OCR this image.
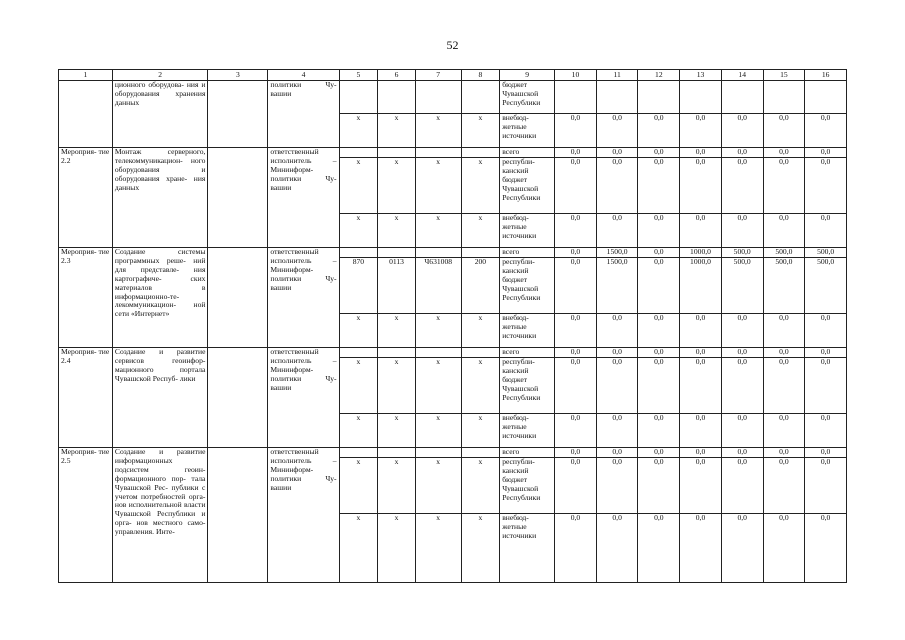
52
1	2	3	4	5	6	7	8	9	10	11	12	13	14	15	16
	ционного оборудова- ния и оборудования хранения данных		политики Чу- вашии					бюджет Чувашской Республики							
				x	x	x	x	внебюд- жетные источники	0,0	0,0	0,0	0,0	0,0	0,0	0,0
Мероприя- тие 2.2	Монтаж серверного, телекоммуникацион- ного оборудования и оборудования хране- ния данных		ответственный исполнитель – Мининформ- политики Чу- вашии					всего	0,0	0,0	0,0	0,0	0,0	0,0	0,0
				x	x	x	x	республи- канский бюджет Чувашской Республики	0,0	0,0	0,0	0,0	0,0	0,0	0,0
				x	x	x	x	внебюд- жетные источники	0,0	0,0	0,0	0,0	0,0	0,0	0,0
Мероприя- тие 2.3	Создание системы программных реше- ний для представле- ния картографиче- ских материалов в информационно-те- лекоммуникацион- ной сети «Интернет»		ответственный исполнитель – Мининформ- политики Чу- вашии					всего	0,0	1500,0	0,0	1000,0	500,0	500,0	500,0
				870	0113	Ч631008	200	республи- канский бюджет Чувашской Республики	0,0	1500,0	0,0	1000,0	500,0	500,0	500,0
				x	x	x	x	внебюд- жетные источники	0,0	0,0	0,0	0,0	0,0	0,0	0,0
Мероприя- тие 2.4	Создание и развитие сервисов геоинфор- мационного портала Чувашской Респуб- лики		ответственный исполнитель – Мининформ- политики Чу- вашии					всего	0,0	0,0	0,0	0,0	0,0	0,0	0,0
				x	x	x	x	республи- канский бюджет Чувашской Республики	0,0	0,0	0,0	0,0	0,0	0,0	0,0
				x	x	x	x	внебюд- жетные источники	0,0	0,0	0,0	0,0	0,0	0,0	0,0
Мероприя- тие 2.5	Создание и развитие информационных подсистем геоин- формационного пор- тала Чувашской Рес- публики с учетом потребностей орга- нов исполнительной власти Чувашской Республики и орга- нов местного само- управления. Инте-		ответственный исполнитель – Мининформ- политики Чу- вашии					всего	0,0	0,0	0,0	0,0	0,0	0,0	0,0
				x	x	x	x	республи- канский бюджет Чувашской Республики	0,0	0,0	0,0	0,0	0,0	0,0	0,0
				x	x	x	x	внебюд- жетные источники	0,0	0,0	0,0	0,0	0,0	0,0	0,0
